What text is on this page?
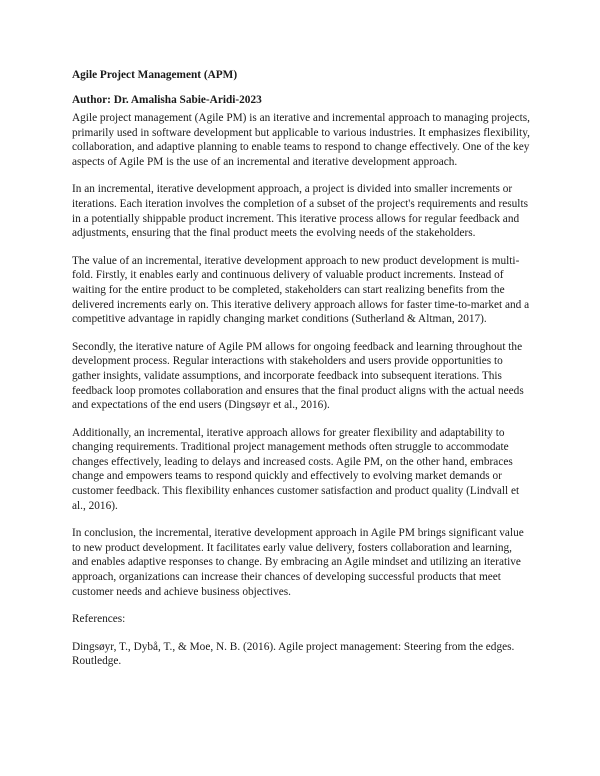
Agile Project Management (APM)

Author: Dr. Amalisha Sabie-Aridi-2023

Agile project management (Agile PM) is an iterative and incremental approach to managing projects, primarily used in software development but applicable to various industries. It emphasizes flexibility, collaboration, and adaptive planning to enable teams to respond to change effectively. One of the key aspects of Agile PM is the use of an incremental and iterative development approach.

In an incremental, iterative development approach, a project is divided into smaller increments or iterations. Each iteration involves the completion of a subset of the project's requirements and results in a potentially shippable product increment. This iterative process allows for regular feedback and adjustments, ensuring that the final product meets the evolving needs of the stakeholders.

The value of an incremental, iterative development approach to new product development is multi-fold. Firstly, it enables early and continuous delivery of valuable product increments. Instead of waiting for the entire product to be completed, stakeholders can start realizing benefits from the delivered increments early on. This iterative delivery approach allows for faster time-to-market and a competitive advantage in rapidly changing market conditions (Sutherland & Altman, 2017).

Secondly, the iterative nature of Agile PM allows for ongoing feedback and learning throughout the development process. Regular interactions with stakeholders and users provide opportunities to gather insights, validate assumptions, and incorporate feedback into subsequent iterations. This feedback loop promotes collaboration and ensures that the final product aligns with the actual needs and expectations of the end users (Dingsøyr et al., 2016).

Additionally, an incremental, iterative approach allows for greater flexibility and adaptability to changing requirements. Traditional project management methods often struggle to accommodate changes effectively, leading to delays and increased costs. Agile PM, on the other hand, embraces change and empowers teams to respond quickly and effectively to evolving market demands or customer feedback. This flexibility enhances customer satisfaction and product quality (Lindvall et al., 2016).

In conclusion, the incremental, iterative development approach in Agile PM brings significant value to new product development. It facilitates early value delivery, fosters collaboration and learning, and enables adaptive responses to change. By embracing an Agile mindset and utilizing an iterative approach, organizations can increase their chances of developing successful products that meet customer needs and achieve business objectives.

References:

Dingsøyr, T., Dybå, T., & Moe, N. B. (2016). Agile project management: Steering from the edges. Routledge.
